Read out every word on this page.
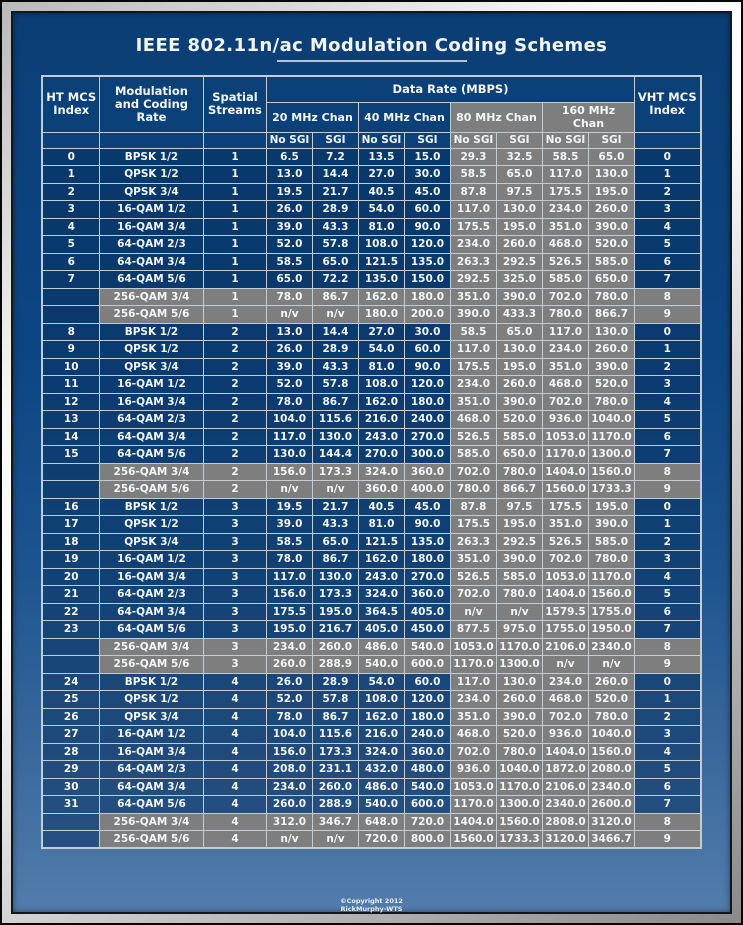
IEEE 802.11n/ac Modulation Coding Schemes
HT MCS Index	Modulation and Coding Rate	Spatial Streams	Data Rate (MBPS)								VHT MCS Index
			20 MHz Chan		40 MHz Chan		80 MHz Chan		160 MHz Chan		
			No SGI	SGI	No SGI	SGI	No SGI	SGI	No SGI	SGI	
0	BPSK 1/2	1	6.5	7.2	13.5	15.0	29.3	32.5	58.5	65.0	0
1	QPSK 1/2	1	13.0	14.4	27.0	30.0	58.5	65.0	117.0	130.0	1
2	QPSK 3/4	1	19.5	21.7	40.5	45.0	87.8	97.5	175.5	195.0	2
3	16-QAM 1/2	1	26.0	28.9	54.0	60.0	117.0	130.0	234.0	260.0	3
4	16-QAM 3/4	1	39.0	43.3	81.0	90.0	175.5	195.0	351.0	390.0	4
5	64-QAM 2/3	1	52.0	57.8	108.0	120.0	234.0	260.0	468.0	520.0	5
6	64-QAM 3/4	1	58.5	65.0	121.5	135.0	263.3	292.5	526.5	585.0	6
7	64-QAM 5/6	1	65.0	72.2	135.0	150.0	292.5	325.0	585.0	650.0	7
	256-QAM 3/4	1	78.0	86.7	162.0	180.0	351.0	390.0	702.0	780.0	8
	256-QAM 5/6	1	n/v	n/v	180.0	200.0	390.0	433.3	780.0	866.7	9
8	BPSK 1/2	2	13.0	14.4	27.0	30.0	58.5	65.0	117.0	130.0	0
9	QPSK 1/2	2	26.0	28.9	54.0	60.0	117.0	130.0	234.0	260.0	1
10	QPSK 3/4	2	39.0	43.3	81.0	90.0	175.5	195.0	351.0	390.0	2
11	16-QAM 1/2	2	52.0	57.8	108.0	120.0	234.0	260.0	468.0	520.0	3
12	16-QAM 3/4	2	78.0	86.7	162.0	180.0	351.0	390.0	702.0	780.0	4
13	64-QAM 2/3	2	104.0	115.6	216.0	240.0	468.0	520.0	936.0	1040.0	5
14	64-QAM 3/4	2	117.0	130.0	243.0	270.0	526.5	585.0	1053.0	1170.0	6
15	64-QAM 5/6	2	130.0	144.4	270.0	300.0	585.0	650.0	1170.0	1300.0	7
	256-QAM 3/4	2	156.0	173.3	324.0	360.0	702.0	780.0	1404.0	1560.0	8
	256-QAM 5/6	2	n/v	n/v	360.0	400.0	780.0	866.7	1560.0	1733.3	9
16	BPSK 1/2	3	19.5	21.7	40.5	45.0	87.8	97.5	175.5	195.0	0
17	QPSK 1/2	3	39.0	43.3	81.0	90.0	175.5	195.0	351.0	390.0	1
18	QPSK 3/4	3	58.5	65.0	121.5	135.0	263.3	292.5	526.5	585.0	2
19	16-QAM 1/2	3	78.0	86.7	162.0	180.0	351.0	390.0	702.0	780.0	3
20	16-QAM 3/4	3	117.0	130.0	243.0	270.0	526.5	585.0	1053.0	1170.0	4
21	64-QAM 2/3	3	156.0	173.3	324.0	360.0	702.0	780.0	1404.0	1560.0	5
22	64-QAM 3/4	3	175.5	195.0	364.5	405.0	n/v	n/v	1579.5	1755.0	6
23	64-QAM 5/6	3	195.0	216.7	405.0	450.0	877.5	975.0	1755.0	1950.0	7
	256-QAM 3/4	3	234.0	260.0	486.0	540.0	1053.0	1170.0	2106.0	2340.0	8
	256-QAM 5/6	3	260.0	288.9	540.0	600.0	1170.0	1300.0	n/v	n/v	9
24	BPSK 1/2	4	26.0	28.9	54.0	60.0	117.0	130.0	234.0	260.0	0
25	QPSK 1/2	4	52.0	57.8	108.0	120.0	234.0	260.0	468.0	520.0	1
26	QPSK 3/4	4	78.0	86.7	162.0	180.0	351.0	390.0	702.0	780.0	2
27	16-QAM 1/2	4	104.0	115.6	216.0	240.0	468.0	520.0	936.0	1040.0	3
28	16-QAM 3/4	4	156.0	173.3	324.0	360.0	702.0	780.0	1404.0	1560.0	4
29	64-QAM 2/3	4	208.0	231.1	432.0	480.0	936.0	1040.0	1872.0	2080.0	5
30	64-QAM 3/4	4	234.0	260.0	486.0	540.0	1053.0	1170.0	2106.0	2340.0	6
31	64-QAM 5/6	4	260.0	288.9	540.0	600.0	1170.0	1300.0	2340.0	2600.0	7
	256-QAM 3/4	4	312.0	346.7	648.0	720.0	1404.0	1560.0	2808.0	3120.0	8
	256-QAM 5/6	4	n/v	n/v	720.0	800.0	1560.0	1733.3	3120.0	3466.7	9
©Copyright 2012
RickMurphy-WTS
